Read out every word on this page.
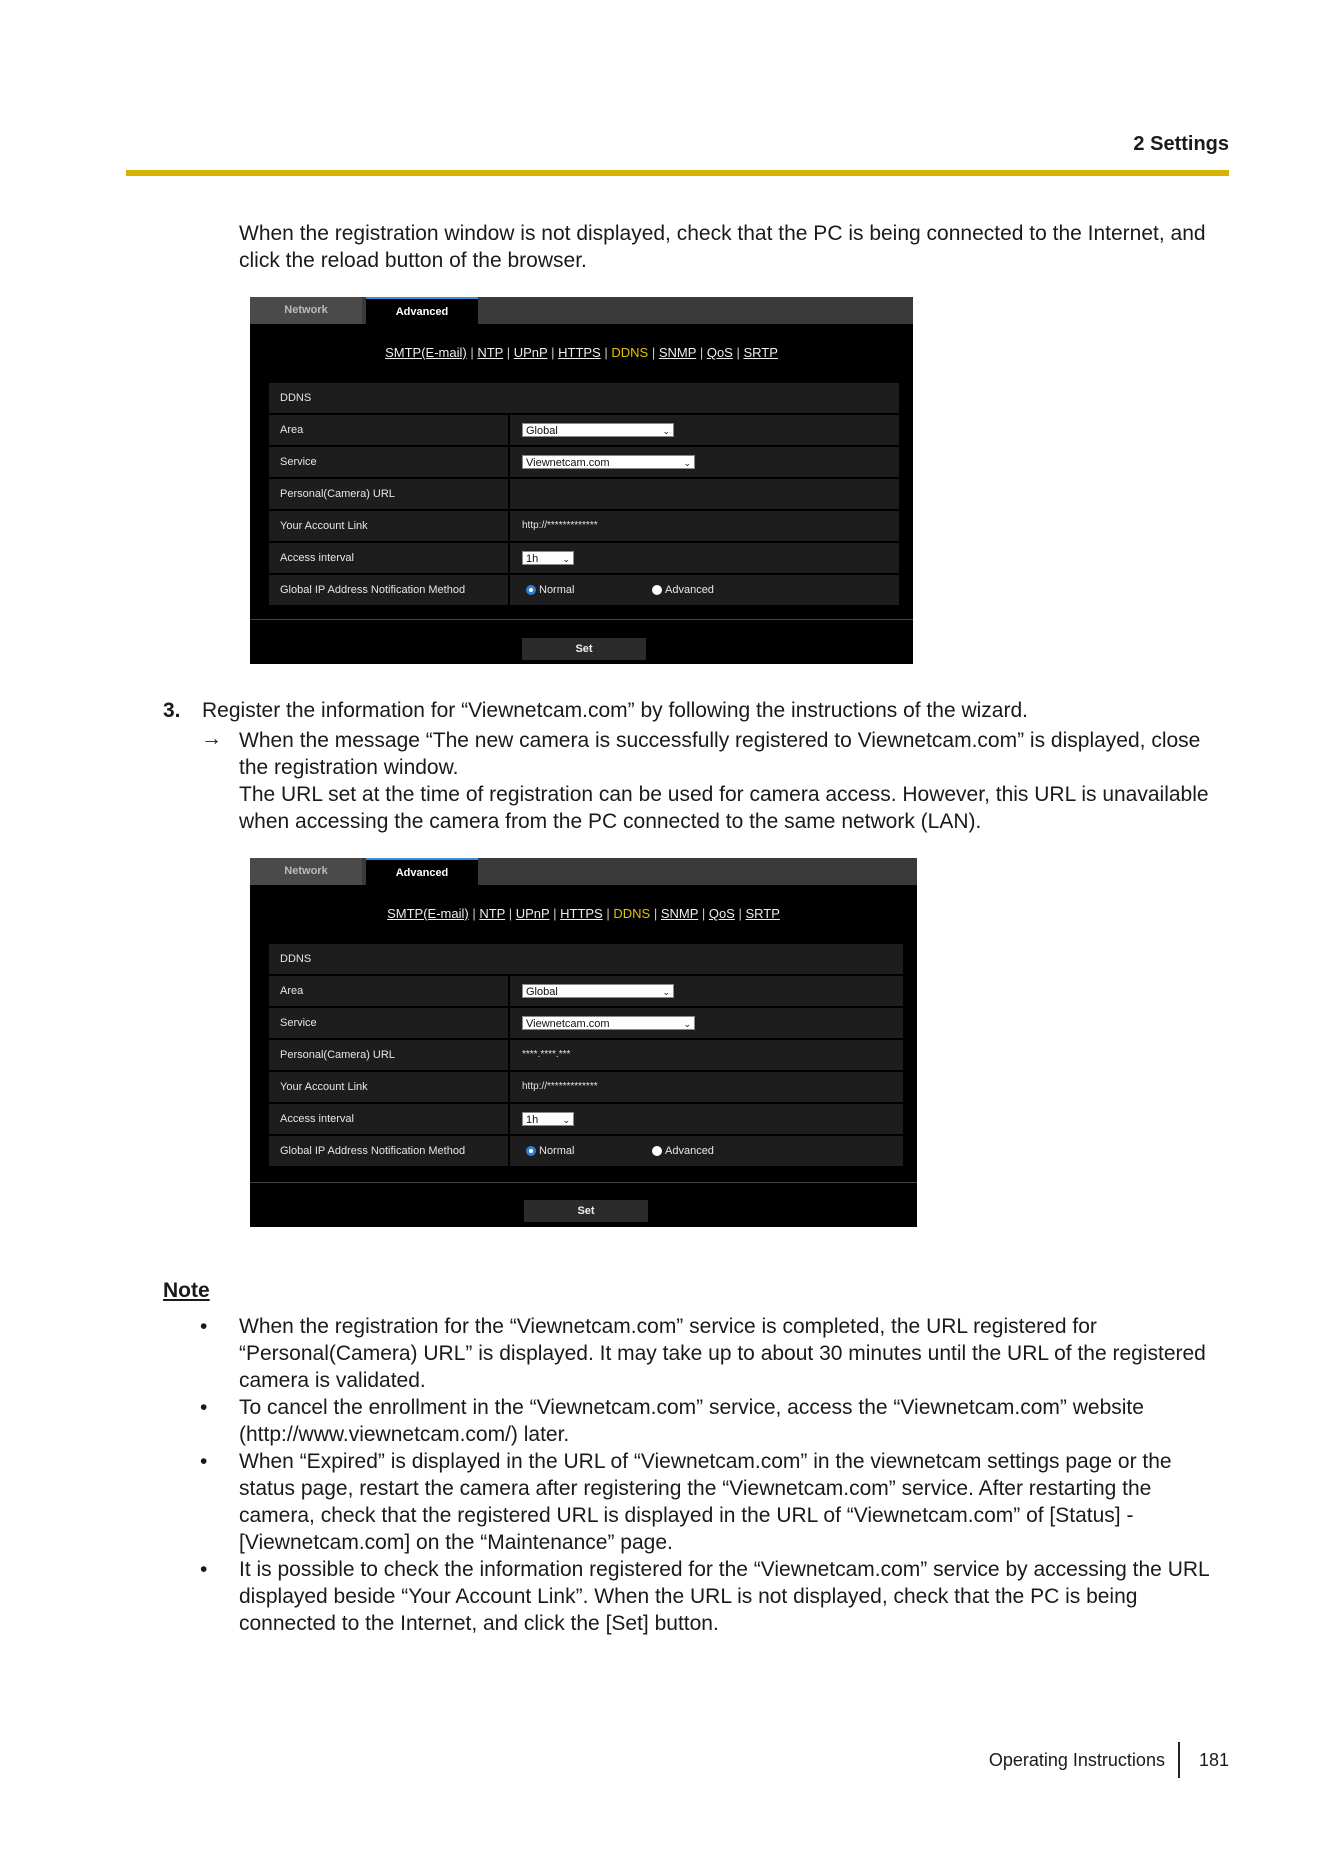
2 Settings
When the registration window is not displayed, check that the PC is being connected to the Internet, and click the reload button of the browser.
Network	Advanced
SMTP(E-mail) | NTP | UPnP | HTTPS | DDNS | SNMP | QoS | SRTP
DDNS
Area	Global	⌄
Service	Viewnetcam.com	⌄
Personal(Camera) URL
Your Account Link	http://*************
Access interval	1h	⌄
Global IP Address Notification Method	Normal	Advanced
Set
3. Register the information for “Viewnetcam.com” by following the instructions of the wizard.
→ When the message “The new camera is successfully registered to Viewnetcam.com” is displayed, close the registration window.
The URL set at the time of registration can be used for camera access. However, this URL is unavailable when accessing the camera from the PC connected to the same network (LAN).
Network	Advanced
SMTP(E-mail) | NTP | UPnP | HTTPS | DDNS | SNMP | QoS | SRTP
DDNS
Area	Global	⌄
Service	Viewnetcam.com	⌄
Personal(Camera) URL	****.****.***
Your Account Link	http://*************
Access interval	1h	⌄
Global IP Address Notification Method	Normal	Advanced
Set
Note
• When the registration for the “Viewnetcam.com” service is completed, the URL registered for “Personal(Camera) URL” is displayed. It may take up to about 30 minutes until the URL of the registered camera is validated.
• To cancel the enrollment in the “Viewnetcam.com” service, access the “Viewnetcam.com” website (http://www.viewnetcam.com/) later.
• When “Expired” is displayed in the URL of “Viewnetcam.com” in the viewnetcam settings page or the status page, restart the camera after registering the “Viewnetcam.com” service. After restarting the camera, check that the registered URL is displayed in the URL of “Viewnetcam.com” of [Status] - [Viewnetcam.com] on the “Maintenance” page.
• It is possible to check the information registered for the “Viewnetcam.com” service by accessing the URL displayed beside “Your Account Link”. When the URL is not displayed, check that the PC is being connected to the Internet, and click the [Set] button.
Operating Instructions 181
